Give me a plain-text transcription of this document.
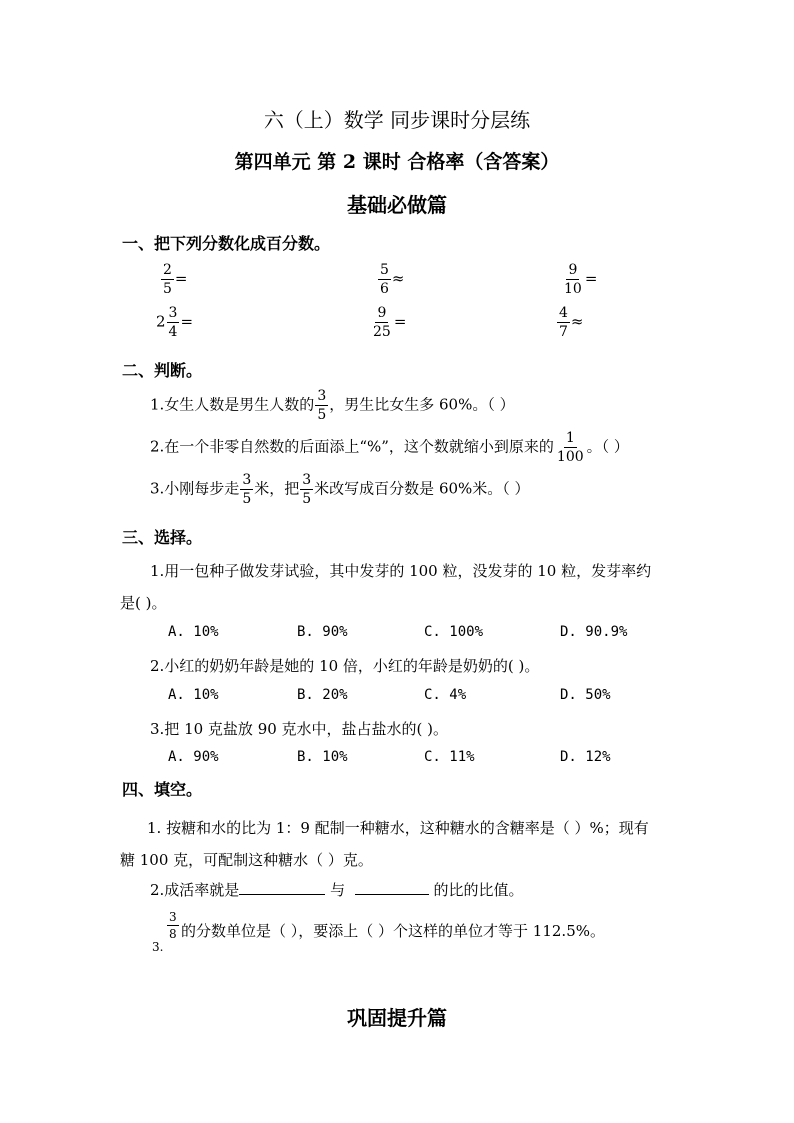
六（上）数学 同步课时分层练
第四单元 第 2 课时 合格率（含答案）
基础必做篇
一、把下列分数化成百分数。
$\frac{2}{5}$ =	$\frac{5}{6}$ ≈	$\frac{9}{10}$ =
$2 \frac{3}{4}$ =	$\frac{9}{25}$ =	$\frac{4}{7}$ ≈
二、判断。
1.女生人数是男生人数的 $\frac{3}{5}$ ，男生比女生多 60%。（ ）
2.在一个非零自然数的后面添上“%”，这个数就缩小到原来的 $\frac{1}{100}$ 。（ ）
3.小刚每步走 $\frac{3}{5}$ 米，把 $\frac{3}{5}$ 米改写成百分数是 60%米。（ ）
三、选择。
1.用一包种子做发芽试验，其中发芽的 100 粒，没发芽的 10 粒，发芽率约
是( )。
A. 10%	B. 90%	C. 100%	D. 90.9%
2.小红的奶奶年龄是她的 10 倍，小红的年龄是奶奶的( )。
A. 10%	B. 20%	C. 4%	D. 50%
3.把 10 克盐放 90 克水中，盐占盐水的( )。
A. 90%	B. 10%	C. 11%	D. 12%
四、填空。
1. 按糖和水的比为 1：9 配制一种糖水，这种糖水的含糖率是（ ）%；现有
糖 100 克，可配制这种糖水（ ）克。
2.成活率就是	与	的比的比值。
$\frac{3}{8}$ 的分数单位是（ ），要添上（ ）个这样的单位才等于 112.5%。
3.
巩固提升篇
